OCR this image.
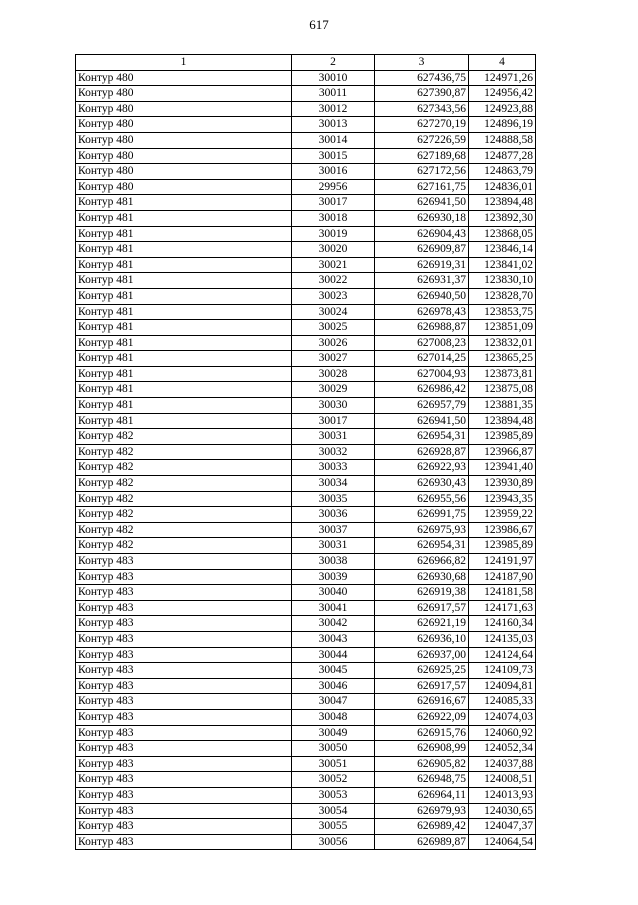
617
1	2	3	4
Контур 480	30010	627436,75	124971,26
Контур 480	30011	627390,87	124956,42
Контур 480	30012	627343,56	124923,88
Контур 480	30013	627270,19	124896,19
Контур 480	30014	627226,59	124888,58
Контур 480	30015	627189,68	124877,28
Контур 480	30016	627172,56	124863,79
Контур 480	29956	627161,75	124836,01
Контур 481	30017	626941,50	123894,48
Контур 481	30018	626930,18	123892,30
Контур 481	30019	626904,43	123868,05
Контур 481	30020	626909,87	123846,14
Контур 481	30021	626919,31	123841,02
Контур 481	30022	626931,37	123830,10
Контур 481	30023	626940,50	123828,70
Контур 481	30024	626978,43	123853,75
Контур 481	30025	626988,87	123851,09
Контур 481	30026	627008,23	123832,01
Контур 481	30027	627014,25	123865,25
Контур 481	30028	627004,93	123873,81
Контур 481	30029	626986,42	123875,08
Контур 481	30030	626957,79	123881,35
Контур 481	30017	626941,50	123894,48
Контур 482	30031	626954,31	123985,89
Контур 482	30032	626928,87	123966,87
Контур 482	30033	626922,93	123941,40
Контур 482	30034	626930,43	123930,89
Контур 482	30035	626955,56	123943,35
Контур 482	30036	626991,75	123959,22
Контур 482	30037	626975,93	123986,67
Контур 482	30031	626954,31	123985,89
Контур 483	30038	626966,82	124191,97
Контур 483	30039	626930,68	124187,90
Контур 483	30040	626919,38	124181,58
Контур 483	30041	626917,57	124171,63
Контур 483	30042	626921,19	124160,34
Контур 483	30043	626936,10	124135,03
Контур 483	30044	626937,00	124124,64
Контур 483	30045	626925,25	124109,73
Контур 483	30046	626917,57	124094,81
Контур 483	30047	626916,67	124085,33
Контур 483	30048	626922,09	124074,03
Контур 483	30049	626915,76	124060,92
Контур 483	30050	626908,99	124052,34
Контур 483	30051	626905,82	124037,88
Контур 483	30052	626948,75	124008,51
Контур 483	30053	626964,11	124013,93
Контур 483	30054	626979,93	124030,65
Контур 483	30055	626989,42	124047,37
Контур 483	30056	626989,87	124064,54
